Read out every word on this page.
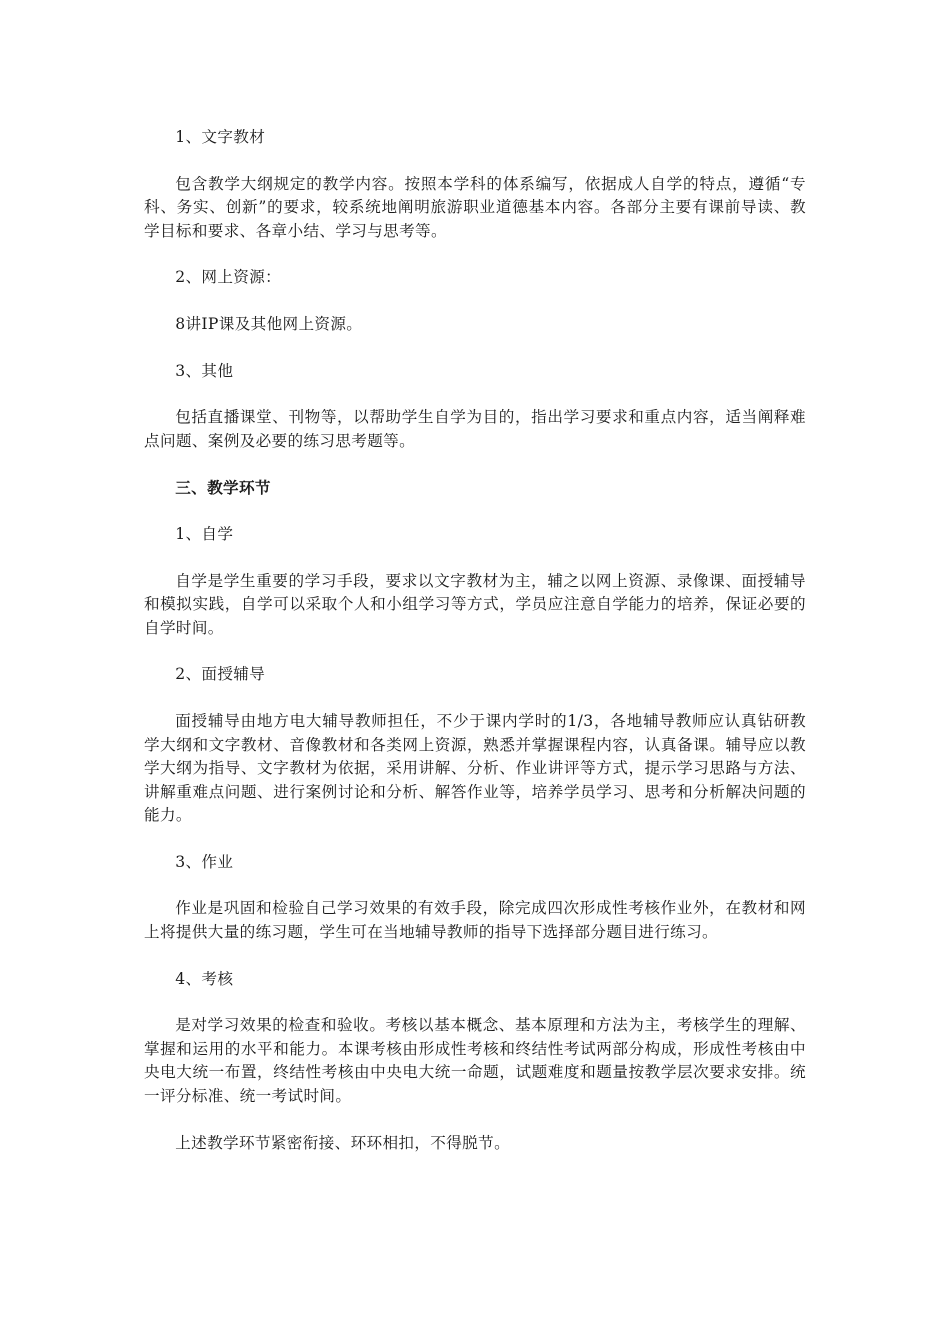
1、文字教材

包含教学大纲规定的教学内容。按照本学科的体系编写，依据成人自学的特点，遵循“专科、务实、创新”的要求，较系统地阐明旅游职业道德基本内容。各部分主要有课前导读、教学目标和要求、各章小结、学习与思考等。

2、网上资源：

8讲IP课及其他网上资源。

3、其他

包括直播课堂、刊物等，以帮助学生自学为目的，指出学习要求和重点内容，适当阐释难点问题、案例及必要的练习思考题等。

三、教学环节

1、自学

自学是学生重要的学习手段，要求以文字教材为主，辅之以网上资源、录像课、面授辅导和模拟实践，自学可以采取个人和小组学习等方式，学员应注意自学能力的培养，保证必要的自学时间。

2、面授辅导

面授辅导由地方电大辅导教师担任，不少于课内学时的1/3，各地辅导教师应认真钻研教学大纲和文字教材、音像教材和各类网上资源，熟悉并掌握课程内容，认真备课。辅导应以教学大纲为指导、文字教材为依据，采用讲解、分析、作业讲评等方式，提示学习思路与方法、讲解重难点问题、进行案例讨论和分析、解答作业等，培养学员学习、思考和分析解决问题的能力。

3、作业

作业是巩固和检验自己学习效果的有效手段，除完成四次形成性考核作业外，在教材和网上将提供大量的练习题，学生可在当地辅导教师的指导下选择部分题目进行练习。

4、考核

是对学习效果的检查和验收。考核以基本概念、基本原理和方法为主，考核学生的理解、掌握和运用的水平和能力。本课考核由形成性考核和终结性考试两部分构成，形成性考核由中央电大统一布置，终结性考核由中央电大统一命题，试题难度和题量按教学层次要求安排。统一评分标准、统一考试时间。

上述教学环节紧密衔接、环环相扣，不得脱节。
